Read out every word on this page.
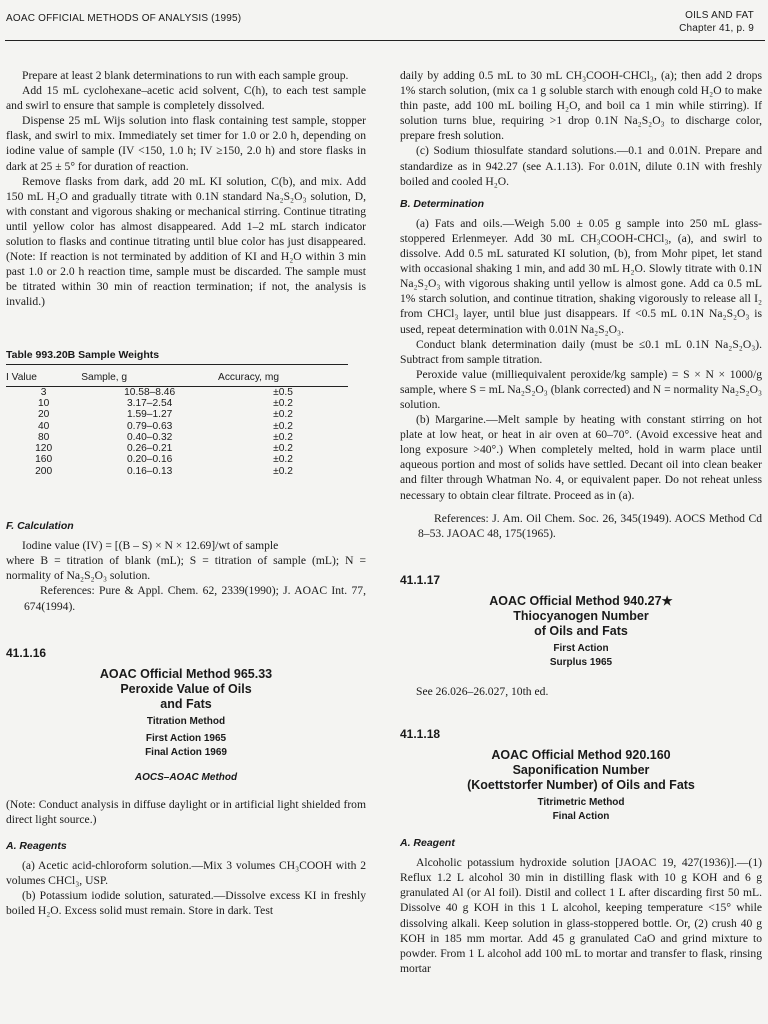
AOAC OFFICIAL METHODS OF ANALYSIS (1995)	OILS AND FAT
Chapter 41, p. 9

Prepare at least 2 blank determinations to run with each sample group.

Add 15 mL cyclohexane–acetic acid solvent, C(h), to each test sample and swirl to ensure that sample is completely dissolved.

Dispense 25 mL Wijs solution into flask containing test sample, stopper flask, and swirl to mix. Immediately set timer for 1.0 or 2.0 h, depending on iodine value of sample (IV <150, 1.0 h; IV ≥150, 2.0 h) and store flasks in dark at 25 ± 5° for duration of reaction.

Remove flasks from dark, add 20 mL KI solution, C(b), and mix. Add 150 mL H₂O and gradually titrate with 0.1N standard Na₂S₂O₃ solution, D, with constant and vigorous shaking or mechanical stirring. Continue titrating until yellow color has almost disappeared. Add 1–2 mL starch indicator solution to flasks and continue titrating until blue color has just disappeared. (Note: If reaction is not terminated by addition of KI and H₂O within 3 min past 1.0 or 2.0 h reaction time, sample must be discarded. The sample must be titrated within 30 min of reaction termination; if not, the analysis is invalid.)

Table 993.20B Sample Weights
I Value	Sample, g	Accuracy, mg
3	10.58–8.46	±0.5
10	3.17–2.54	±0.2
20	1.59–1.27	±0.2
40	0.79–0.63	±0.2
80	0.40–0.32	±0.2
120	0.26–0.21	±0.2
160	0.20–0.16	±0.2
200	0.16–0.13	±0.2
F. Calculation

Iodine value (IV) = [(B – S) × N × 12.69]/wt of sample

where B = titration of blank (mL); S = titration of sample (mL); N = normality of Na₂S₂O₃ solution.

References: Pure & Appl. Chem. 62, 2339(1990); J. AOAC Int. 77, 674(1994).

41.1.16
AOAC Official Method 965.33
Peroxide Value of Oils
and Fats
Titration Method
First Action 1965
Final Action 1969
AOCS–AOAC Method

(Note: Conduct analysis in diffuse daylight or in artificial light shielded from direct light source.)

A. Reagents

(a) Acetic acid-chloroform solution.—Mix 3 volumes CH₃COOH with 2 volumes CHCl₃, USP.

(b) Potassium iodide solution, saturated.—Dissolve excess KI in freshly boiled H₂O. Excess solid must remain. Store in dark. Test

daily by adding 0.5 mL to 30 mL CH₃COOH-CHCl₃, (a); then add 2 drops 1% starch solution, (mix ca 1 g soluble starch with enough cold H₂O to make thin paste, add 100 mL boiling H₂O, and boil ca 1 min while stirring). If solution turns blue, requiring >1 drop 0.1N Na₂S₂O₃ to discharge color, prepare fresh solution.

(c) Sodium thiosulfate standard solutions.—0.1 and 0.01N. Prepare and standardize as in 942.27 (see A.1.13). For 0.01N, dilute 0.1N with freshly boiled and cooled H₂O.

B. Determination

(a) Fats and oils.—Weigh 5.00 ± 0.05 g sample into 250 mL glass-stoppered Erlenmeyer. Add 30 mL CH₃COOH-CHCl₃, (a), and swirl to dissolve. Add 0.5 mL saturated KI solution, (b), from Mohr pipet, let stand with occasional shaking 1 min, and add 30 mL H₂O. Slowly titrate with 0.1N Na₂S₂O₃ with vigorous shaking until yellow is almost gone. Add ca 0.5 mL 1% starch solution, and continue titration, shaking vigorously to release all I₂ from CHCl₃ layer, until blue just disappears. If <0.5 mL 0.1N Na₂S₂O₃ is used, repeat determination with 0.01N Na₂S₂O₃.

Conduct blank determination daily (must be ≤0.1 mL 0.1N Na₂S₂O₃). Subtract from sample titration.

Peroxide value (milliequivalent peroxide/kg sample) = S × N × 1000/g sample, where S = mL Na₂S₂O₃ (blank corrected) and N = normality Na₂S₂O₃ solution.

(b) Margarine.—Melt sample by heating with constant stirring on hot plate at low heat, or heat in air oven at 60–70°. (Avoid excessive heat and long exposure >40°.) When completely melted, hold in warm place until aqueous portion and most of solids have settled. Decant oil into clean beaker and filter through Whatman No. 4, or equivalent paper. Do not reheat unless necessary to obtain clear filtrate. Proceed as in (a).

References: J. Am. Oil Chem. Soc. 26, 345(1949). AOCS Method Cd 8–53. JAOAC 48, 175(1965).

41.1.17
AOAC Official Method 940.27★
Thiocyanogen Number
of Oils and Fats
First Action
Surplus 1965

See 26.026–26.027, 10th ed.

41.1.18
AOAC Official Method 920.160
Saponification Number
(Koettstorfer Number) of Oils and Fats
Titrimetric Method
Final Action
A. Reagent

Alcoholic potassium hydroxide solution [JAOAC 19, 427(1936)].—(1) Reflux 1.2 L alcohol 30 min in distilling flask with 10 g KOH and 6 g granulated Al (or Al foil). Distil and collect 1 L after discarding first 50 mL. Dissolve 40 g KOH in this 1 L alcohol, keeping temperature <15° while dissolving alkali. Keep solution in glass-stoppered bottle. Or, (2) crush 40 g KOH in 185 mm mortar. Add 45 g granulated CaO and grind mixture to powder. From 1 L alcohol add 100 mL to mortar and transfer to flask, rinsing mortar
